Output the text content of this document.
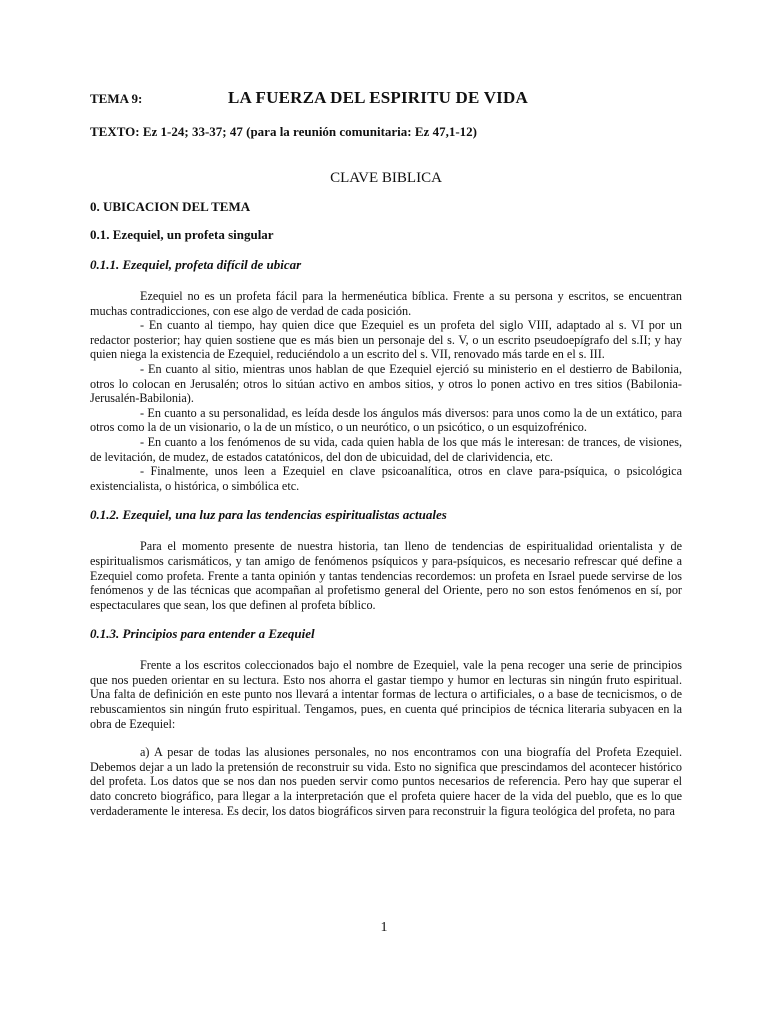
TEMA 9:	LA FUERZA DEL ESPIRITU DE VIDA
TEXTO: Ez 1-24; 33-37; 47 (para la reunión comunitaria: Ez 47,1-12)
CLAVE BIBLICA
0. UBICACION DEL TEMA
0.1. Ezequiel, un profeta singular
0.1.1. Ezequiel, profeta difícil de ubicar

Ezequiel no es un profeta fácil para la hermenéutica bíblica. Frente a su persona y escritos, se encuentran muchas contradicciones, con ese algo de verdad de cada posición.

- En cuanto al tiempo, hay quien dice que Ezequiel es un profeta del siglo VIII, adaptado al s. VI por un redactor posterior; hay quien sostiene que es más bien un personaje del s. V, o un escrito pseudoepígrafo del s.II; y hay quien niega la existencia de Ezequiel, reduciéndolo a un escrito del s. VII, renovado más tarde en el s. III.

- En cuanto al sitio, mientras unos hablan de que Ezequiel ejerció su ministerio en el destierro de Babilonia, otros lo colocan en Jerusalén; otros lo sitúan activo en ambos sitios, y otros lo ponen activo en tres sitios (Babilonia-Jerusalén-Babilonia).

- En cuanto a su personalidad, es leída desde los ángulos más diversos: para unos como la de un extático, para otros como la de un visionario, o la de un místico, o un neurótico, o un psicótico, o un esquizofrénico.

- En cuanto a los fenómenos de su vida, cada quien habla de los que más le interesan: de trances, de visiones, de levitación, de mudez, de estados catatónicos, del don de ubicuidad, del de clarividencia, etc.

- Finalmente, unos leen a Ezequiel en clave psicoanalítica, otros en clave para-psíquica, o psicológica existencialista, o histórica, o simbólica etc.

0.1.2. Ezequiel, una luz para las tendencias espiritualistas actuales

Para el momento presente de nuestra historia, tan lleno de tendencias de espiritualidad orientalista y de espiritualismos carismáticos, y tan amigo de fenómenos psíquicos y para-psíquicos, es necesario refrescar qué define a Ezequiel como profeta. Frente a tanta opinión y tantas tendencias recordemos: un profeta en Israel puede servirse de los fenómenos y de las técnicas que acompañan al profetismo general del Oriente, pero no son estos fenómenos en sí, por espectaculares que sean, los que definen al profeta bíblico.

0.1.3. Principios para entender a Ezequiel

Frente a los escritos coleccionados bajo el nombre de Ezequiel, vale la pena recoger una serie de principios que nos pueden orientar en su lectura. Esto nos ahorra el gastar tiempo y humor en lecturas sin ningún fruto espiritual. Una falta de definición en este punto nos llevará a intentar formas de lectura o artificiales, o a base de tecnicismos, o de rebuscamientos sin ningún fruto espiritual. Tengamos, pues, en cuenta qué principios de técnica literaria subyacen en la obra de Ezequiel:

a) A pesar de todas las alusiones personales, no nos encontramos con una biografía del Profeta Ezequiel. Debemos dejar a un lado la pretensión de reconstruir su vida. Esto no significa que prescindamos del acontecer histórico del profeta. Los datos que se nos dan nos pueden servir como puntos necesarios de referencia. Pero hay que superar el dato concreto biográfico, para llegar a la interpretación que el profeta quiere hacer de la vida del pueblo, que es lo que verdaderamente le interesa. Es decir, los datos biográficos sirven para reconstruir la figura teológica del profeta, no para

1
